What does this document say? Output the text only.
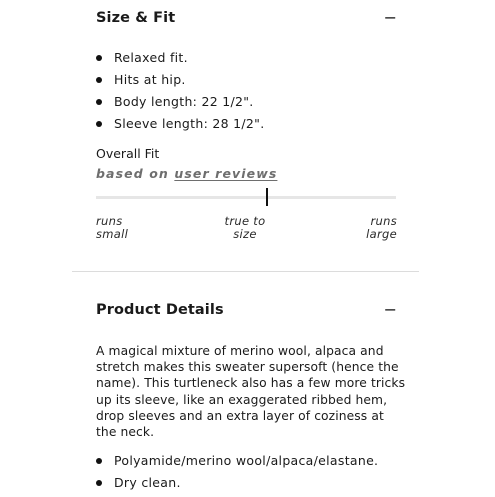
Size & Fit	−
Relaxed fit.
Hits at hip.
Body length: 22 1/2".
Sleeve length: 28 1/2".
Overall Fit
based on user reviews
runs
small
true to
size
runs
large
Product Details	−

A magical mixture of merino wool, alpaca and stretch makes this sweater supersoft (hence the name). This turtleneck also has a few more tricks up its sleeve, like an exaggerated ribbed hem, drop sleeves and an extra layer of coziness at the neck.

Polyamide/merino wool/alpaca/elastane.
Dry clean.
